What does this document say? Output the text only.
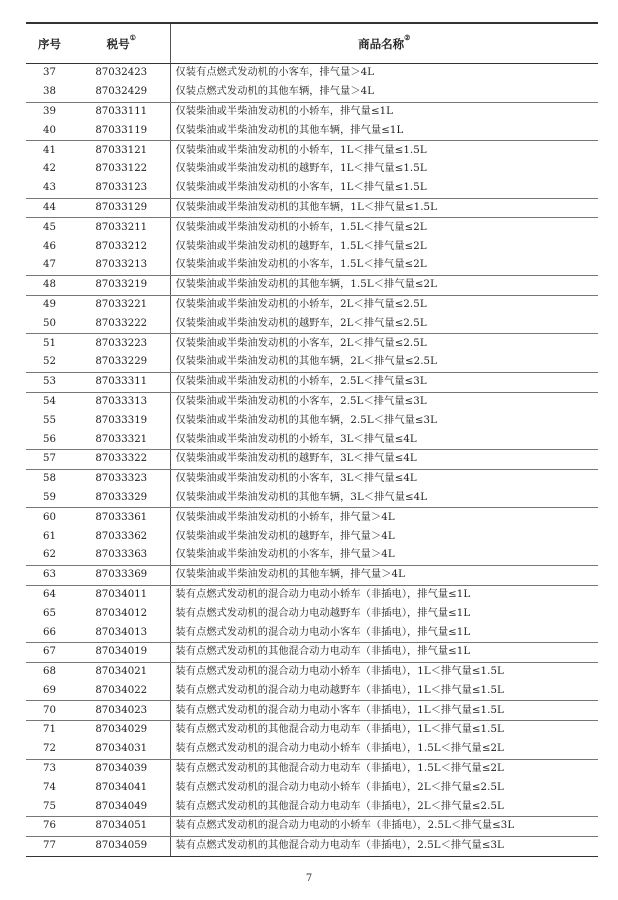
序号	税号①	商品名称②
37	87032423	仅装有点燃式发动机的小客车，排气量＞4L
38	87032429	仅装点燃式发动机的其他车辆，排气量＞4L
39	87033111	仅装柴油或半柴油发动机的小轿车，排气量≤1L
40	87033119	仅装柴油或半柴油发动机的其他车辆，排气量≤1L
41	87033121	仅装柴油或半柴油发动机的小轿车，1L＜排气量≤1.5L
42	87033122	仅装柴油或半柴油发动机的越野车，1L＜排气量≤1.5L
43	87033123	仅装柴油或半柴油发动机的小客车，1L＜排气量≤1.5L
44	87033129	仅装柴油或半柴油发动机的其他车辆，1L＜排气量≤1.5L
45	87033211	仅装柴油或半柴油发动机的小轿车，1.5L＜排气量≤2L
46	87033212	仅装柴油或半柴油发动机的越野车，1.5L＜排气量≤2L
47	87033213	仅装柴油或半柴油发动机的小客车，1.5L＜排气量≤2L
48	87033219	仅装柴油或半柴油发动机的其他车辆，1.5L＜排气量≤2L
49	87033221	仅装柴油或半柴油发动机的小轿车，2L＜排气量≤2.5L
50	87033222	仅装柴油或半柴油发动机的越野车，2L＜排气量≤2.5L
51	87033223	仅装柴油或半柴油发动机的小客车，2L＜排气量≤2.5L
52	87033229	仅装柴油或半柴油发动机的其他车辆，2L＜排气量≤2.5L
53	87033311	仅装柴油或半柴油发动机的小轿车，2.5L＜排气量≤3L
54	87033313	仅装柴油或半柴油发动机的小客车，2.5L＜排气量≤3L
55	87033319	仅装柴油或半柴油发动机的其他车辆，2.5L＜排气量≤3L
56	87033321	仅装柴油或半柴油发动机的小轿车，3L＜排气量≤4L
57	87033322	仅装柴油或半柴油发动机的越野车，3L＜排气量≤4L
58	87033323	仅装柴油或半柴油发动机的小客车，3L＜排气量≤4L
59	87033329	仅装柴油或半柴油发动机的其他车辆，3L＜排气量≤4L
60	87033361	仅装柴油或半柴油发动机的小轿车，排气量＞4L
61	87033362	仅装柴油或半柴油发动机的越野车，排气量＞4L
62	87033363	仅装柴油或半柴油发动机的小客车，排气量＞4L
63	87033369	仅装柴油或半柴油发动机的其他车辆，排气量＞4L
64	87034011	装有点燃式发动机的混合动力电动小轿车（非插电），排气量≤1L
65	87034012	装有点燃式发动机的混合动力电动越野车（非插电），排气量≤1L
66	87034013	装有点燃式发动机的混合动力电动小客车（非插电），排气量≤1L
67	87034019	装有点燃式发动机的其他混合动力电动车（非插电），排气量≤1L
68	87034021	装有点燃式发动机的混合动力电动小轿车（非插电），1L＜排气量≤1.5L
69	87034022	装有点燃式发动机的混合动力电动越野车（非插电），1L＜排气量≤1.5L
70	87034023	装有点燃式发动机的混合动力电动小客车（非插电），1L＜排气量≤1.5L
71	87034029	装有点燃式发动机的其他混合动力电动车（非插电），1L＜排气量≤1.5L
72	87034031	装有点燃式发动机的混合动力电动小轿车（非插电），1.5L＜排气量≤2L
73	87034039	装有点燃式发动机的其他混合动力电动车（非插电），1.5L＜排气量≤2L
74	87034041	装有点燃式发动机的混合动力电动小轿车（非插电），2L＜排气量≤2.5L
75	87034049	装有点燃式发动机的其他混合动力电动车（非插电），2L＜排气量≤2.5L
76	87034051	装有点燃式发动机的混合动力电动的小轿车（非插电），2.5L＜排气量≤3L
77	87034059	装有点燃式发动机的其他混合动力电动车（非插电），2.5L＜排气量≤3L
7
